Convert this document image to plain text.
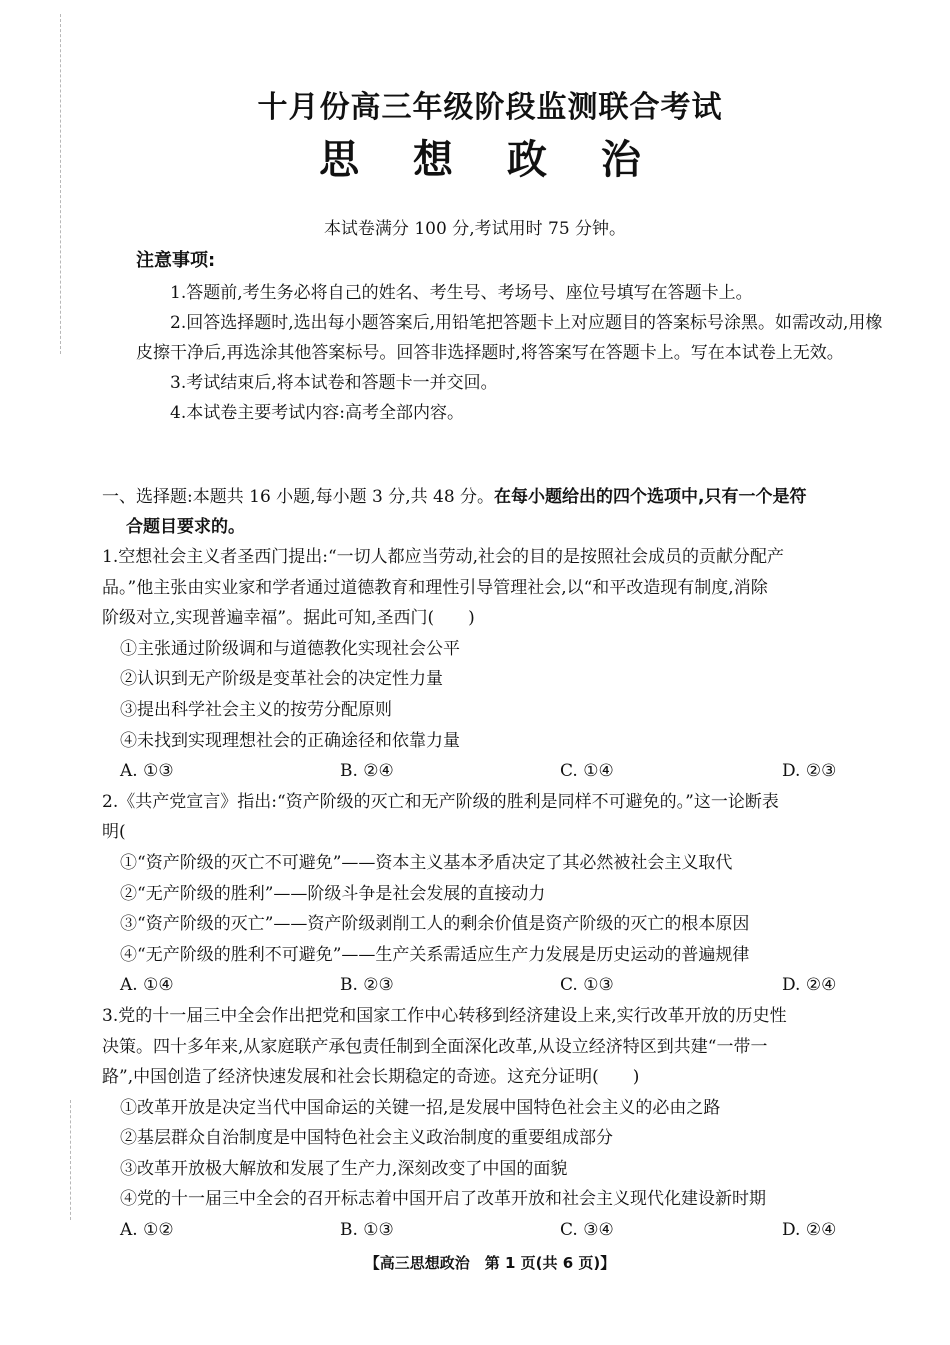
十月份高三年级阶段监测联合考试
思 想 政 治
本试卷满分 100 分,考试用时 75 分钟。
注意事项:
1.答题前,考生务必将自己的姓名、考生号、考场号、座位号填写在答题卡上。
2.回答选择题时,选出每小题答案后,用铅笔把答题卡上对应题目的答案标号涂黑。如需改动,用橡皮擦干净后,再选涂其他答案标号。回答非选择题时,将答案写在答题卡上。写在本试卷上无效。
3.考试结束后,将本试卷和答题卡一并交回。
4.本试卷主要考试内容:高考全部内容。
一、选择题:本题共 16 小题,每小题 3 分,共 48 分。在每小题给出的四个选项中,只有一个是符
合题目要求的。
1.空想社会主义者圣西门提出:“一切人都应当劳动,社会的目的是按照社会成员的贡献分配产
品。”他主张由实业家和学者通过道德教育和理性引导管理社会,以“和平改造现有制度,消除
阶级对立,实现普遍幸福”。据此可知,圣西门(　　)
①主张通过阶级调和与道德教化实现社会公平
②认识到无产阶级是变革社会的决定性力量
③提出科学社会主义的按劳分配原则
④未找到实现理想社会的正确途径和依靠力量
A. ①③	B. ②④	C. ①④	D. ②③
2.《共产党宣言》指出:“资产阶级的灭亡和无产阶级的胜利是同样不可避免的。”这一论断表
明(
①“资产阶级的灭亡不可避免”——资本主义基本矛盾决定了其必然被社会主义取代
②“无产阶级的胜利”——阶级斗争是社会发展的直接动力
③“资产阶级的灭亡”——资产阶级剥削工人的剩余价值是资产阶级的灭亡的根本原因
④“无产阶级的胜利不可避免”——生产关系需适应生产力发展是历史运动的普遍规律
A. ①④	B. ②③	C. ①③	D. ②④
3.党的十一届三中全会作出把党和国家工作中心转移到经济建设上来,实行改革开放的历史性
决策。四十多年来,从家庭联产承包责任制到全面深化改革,从设立经济特区到共建“一带一
路”,中国创造了经济快速发展和社会长期稳定的奇迹。这充分证明(　　)
①改革开放是决定当代中国命运的关键一招,是发展中国特色社会主义的必由之路
②基层群众自治制度是中国特色社会主义政治制度的重要组成部分
③改革开放极大解放和发展了生产力,深刻改变了中国的面貌
④党的十一届三中全会的召开标志着中国开启了改革开放和社会主义现代化建设新时期
A. ①②	B. ①③	C. ③④	D. ②④
【高三思想政治　第 1 页(共 6 页)】
